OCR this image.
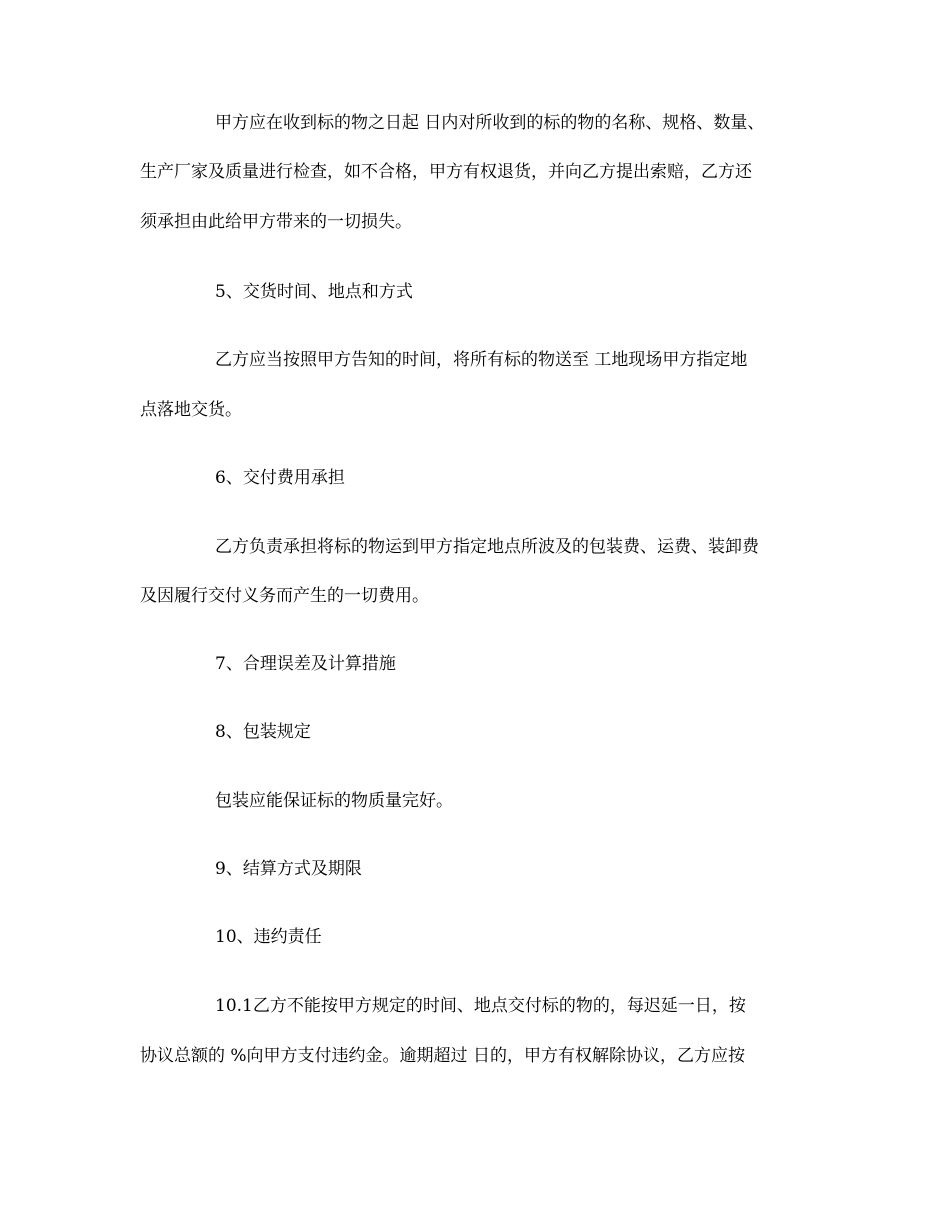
甲方应在收到标的物之日起 日内对所收到的标的物的名称、规格、数量、
生产厂家及质量进行检查，如不合格，甲方有权退货，并向乙方提出索赔，乙方还
须承担由此给甲方带来的一切损失。
5、交货时间、地点和方式
乙方应当按照甲方告知的时间，将所有标的物送至 工地现场甲方指定地
点落地交货。
6、交付费用承担
乙方负责承担将标的物运到甲方指定地点所波及的包装费、运费、装卸费
及因履行交付义务而产生的一切费用。
7、合理误差及计算措施
8、包装规定
包装应能保证标的物质量完好。
9、结算方式及期限
10、违约责任
10.1乙方不能按甲方规定的时间、地点交付标的物的，每迟延一日，按
协议总额的 %向甲方支付违约金。逾期超过 日的，甲方有权解除协议，乙方应按
